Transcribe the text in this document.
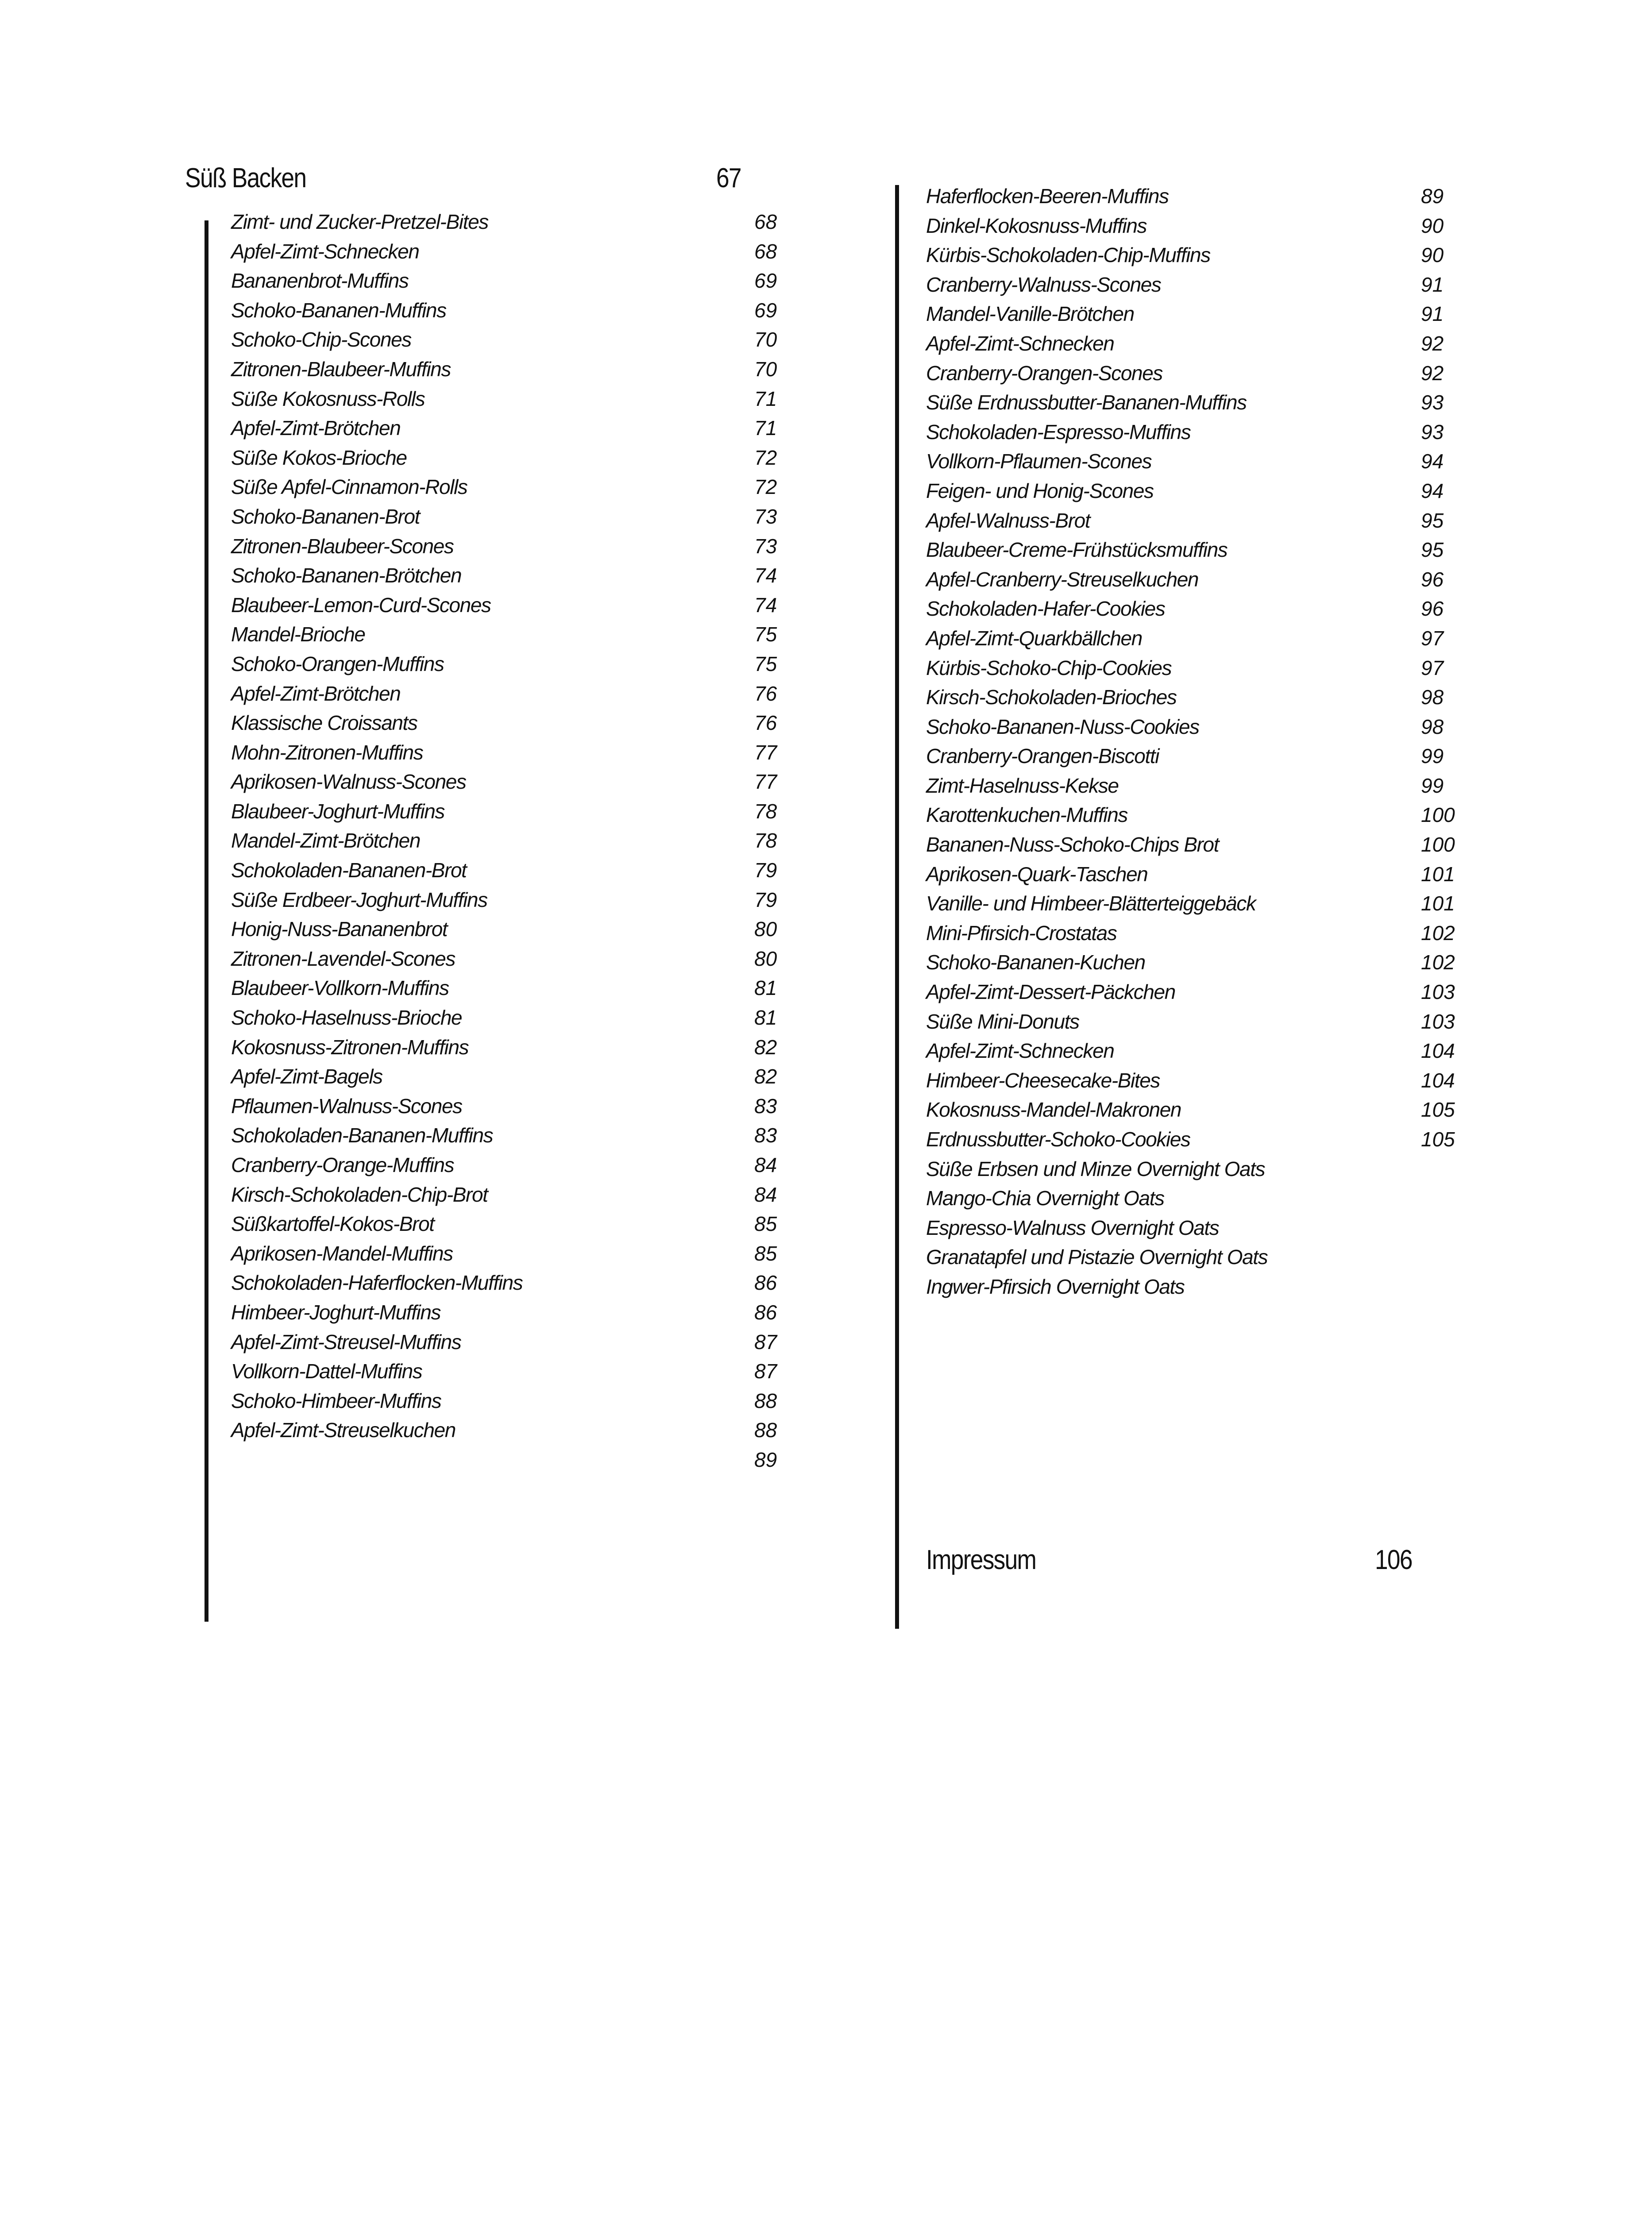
Süß Backen	67
Zimt- und Zucker-Pretzel-Bites	68
Apfel-Zimt-Schnecken	68
Bananenbrot-Muffins	69
Schoko-Bananen-Muffins	69
Schoko-Chip-Scones	70
Zitronen-Blaubeer-Muffins	70
Süße Kokosnuss-Rolls	71
Apfel-Zimt-Brötchen	71
Süße Kokos-Brioche	72
Süße Apfel-Cinnamon-Rolls	72
Schoko-Bananen-Brot	73
Zitronen-Blaubeer-Scones	73
Schoko-Bananen-Brötchen	74
Blaubeer-Lemon-Curd-Scones	74
Mandel-Brioche	75
Schoko-Orangen-Muffins	75
Apfel-Zimt-Brötchen	76
Klassische Croissants	76
Mohn-Zitronen-Muffins	77
Aprikosen-Walnuss-Scones	77
Blaubeer-Joghurt-Muffins	78
Mandel-Zimt-Brötchen	78
Schokoladen-Bananen-Brot	79
Süße Erdbeer-Joghurt-Muffins	79
Honig-Nuss-Bananenbrot	80
Zitronen-Lavendel-Scones	80
Blaubeer-Vollkorn-Muffins	81
Schoko-Haselnuss-Brioche	81
Kokosnuss-Zitronen-Muffins	82
Apfel-Zimt-Bagels	82
Pflaumen-Walnuss-Scones	83
Schokoladen-Bananen-Muffins	83
Cranberry-Orange-Muffins	84
Kirsch-Schokoladen-Chip-Brot	84
Süßkartoffel-Kokos-Brot	85
Aprikosen-Mandel-Muffins	85
Schokoladen-Haferflocken-Muffins	86
Himbeer-Joghurt-Muffins	86
Apfel-Zimt-Streusel-Muffins	87
Vollkorn-Dattel-Muffins	87
Schoko-Himbeer-Muffins	88
Apfel-Zimt-Streuselkuchen	88
89
Haferflocken-Beeren-Muffins	89
Dinkel-Kokosnuss-Muffins	90
Kürbis-Schokoladen-Chip-Muffins	90
Cranberry-Walnuss-Scones	91
Mandel-Vanille-Brötchen	91
Apfel-Zimt-Schnecken	92
Cranberry-Orangen-Scones	92
Süße Erdnussbutter-Bananen-Muffins	93
Schokoladen-Espresso-Muffins	93
Vollkorn-Pflaumen-Scones	94
Feigen- und Honig-Scones	94
Apfel-Walnuss-Brot	95
Blaubeer-Creme-Frühstücksmuffins	95
Apfel-Cranberry-Streuselkuchen	96
Schokoladen-Hafer-Cookies	96
Apfel-Zimt-Quarkbällchen	97
Kürbis-Schoko-Chip-Cookies	97
Kirsch-Schokoladen-Brioches	98
Schoko-Bananen-Nuss-Cookies	98
Cranberry-Orangen-Biscotti	99
Zimt-Haselnuss-Kekse	99
Karottenkuchen-Muffins	100
Bananen-Nuss-Schoko-Chips Brot	100
Aprikosen-Quark-Taschen	101
Vanille- und Himbeer-Blätterteiggebäck	101
Mini-Pfirsich-Crostatas	102
Schoko-Bananen-Kuchen	102
Apfel-Zimt-Dessert-Päckchen	103
Süße Mini-Donuts	103
Apfel-Zimt-Schnecken	104
Himbeer-Cheesecake-Bites	104
Kokosnuss-Mandel-Makronen	105
Erdnussbutter-Schoko-Cookies	105
Süße Erbsen und Minze Overnight Oats
Mango-Chia Overnight Oats
Espresso-Walnuss Overnight Oats
Granatapfel und Pistazie Overnight Oats
Ingwer-Pfirsich Overnight Oats
Impressum	106
